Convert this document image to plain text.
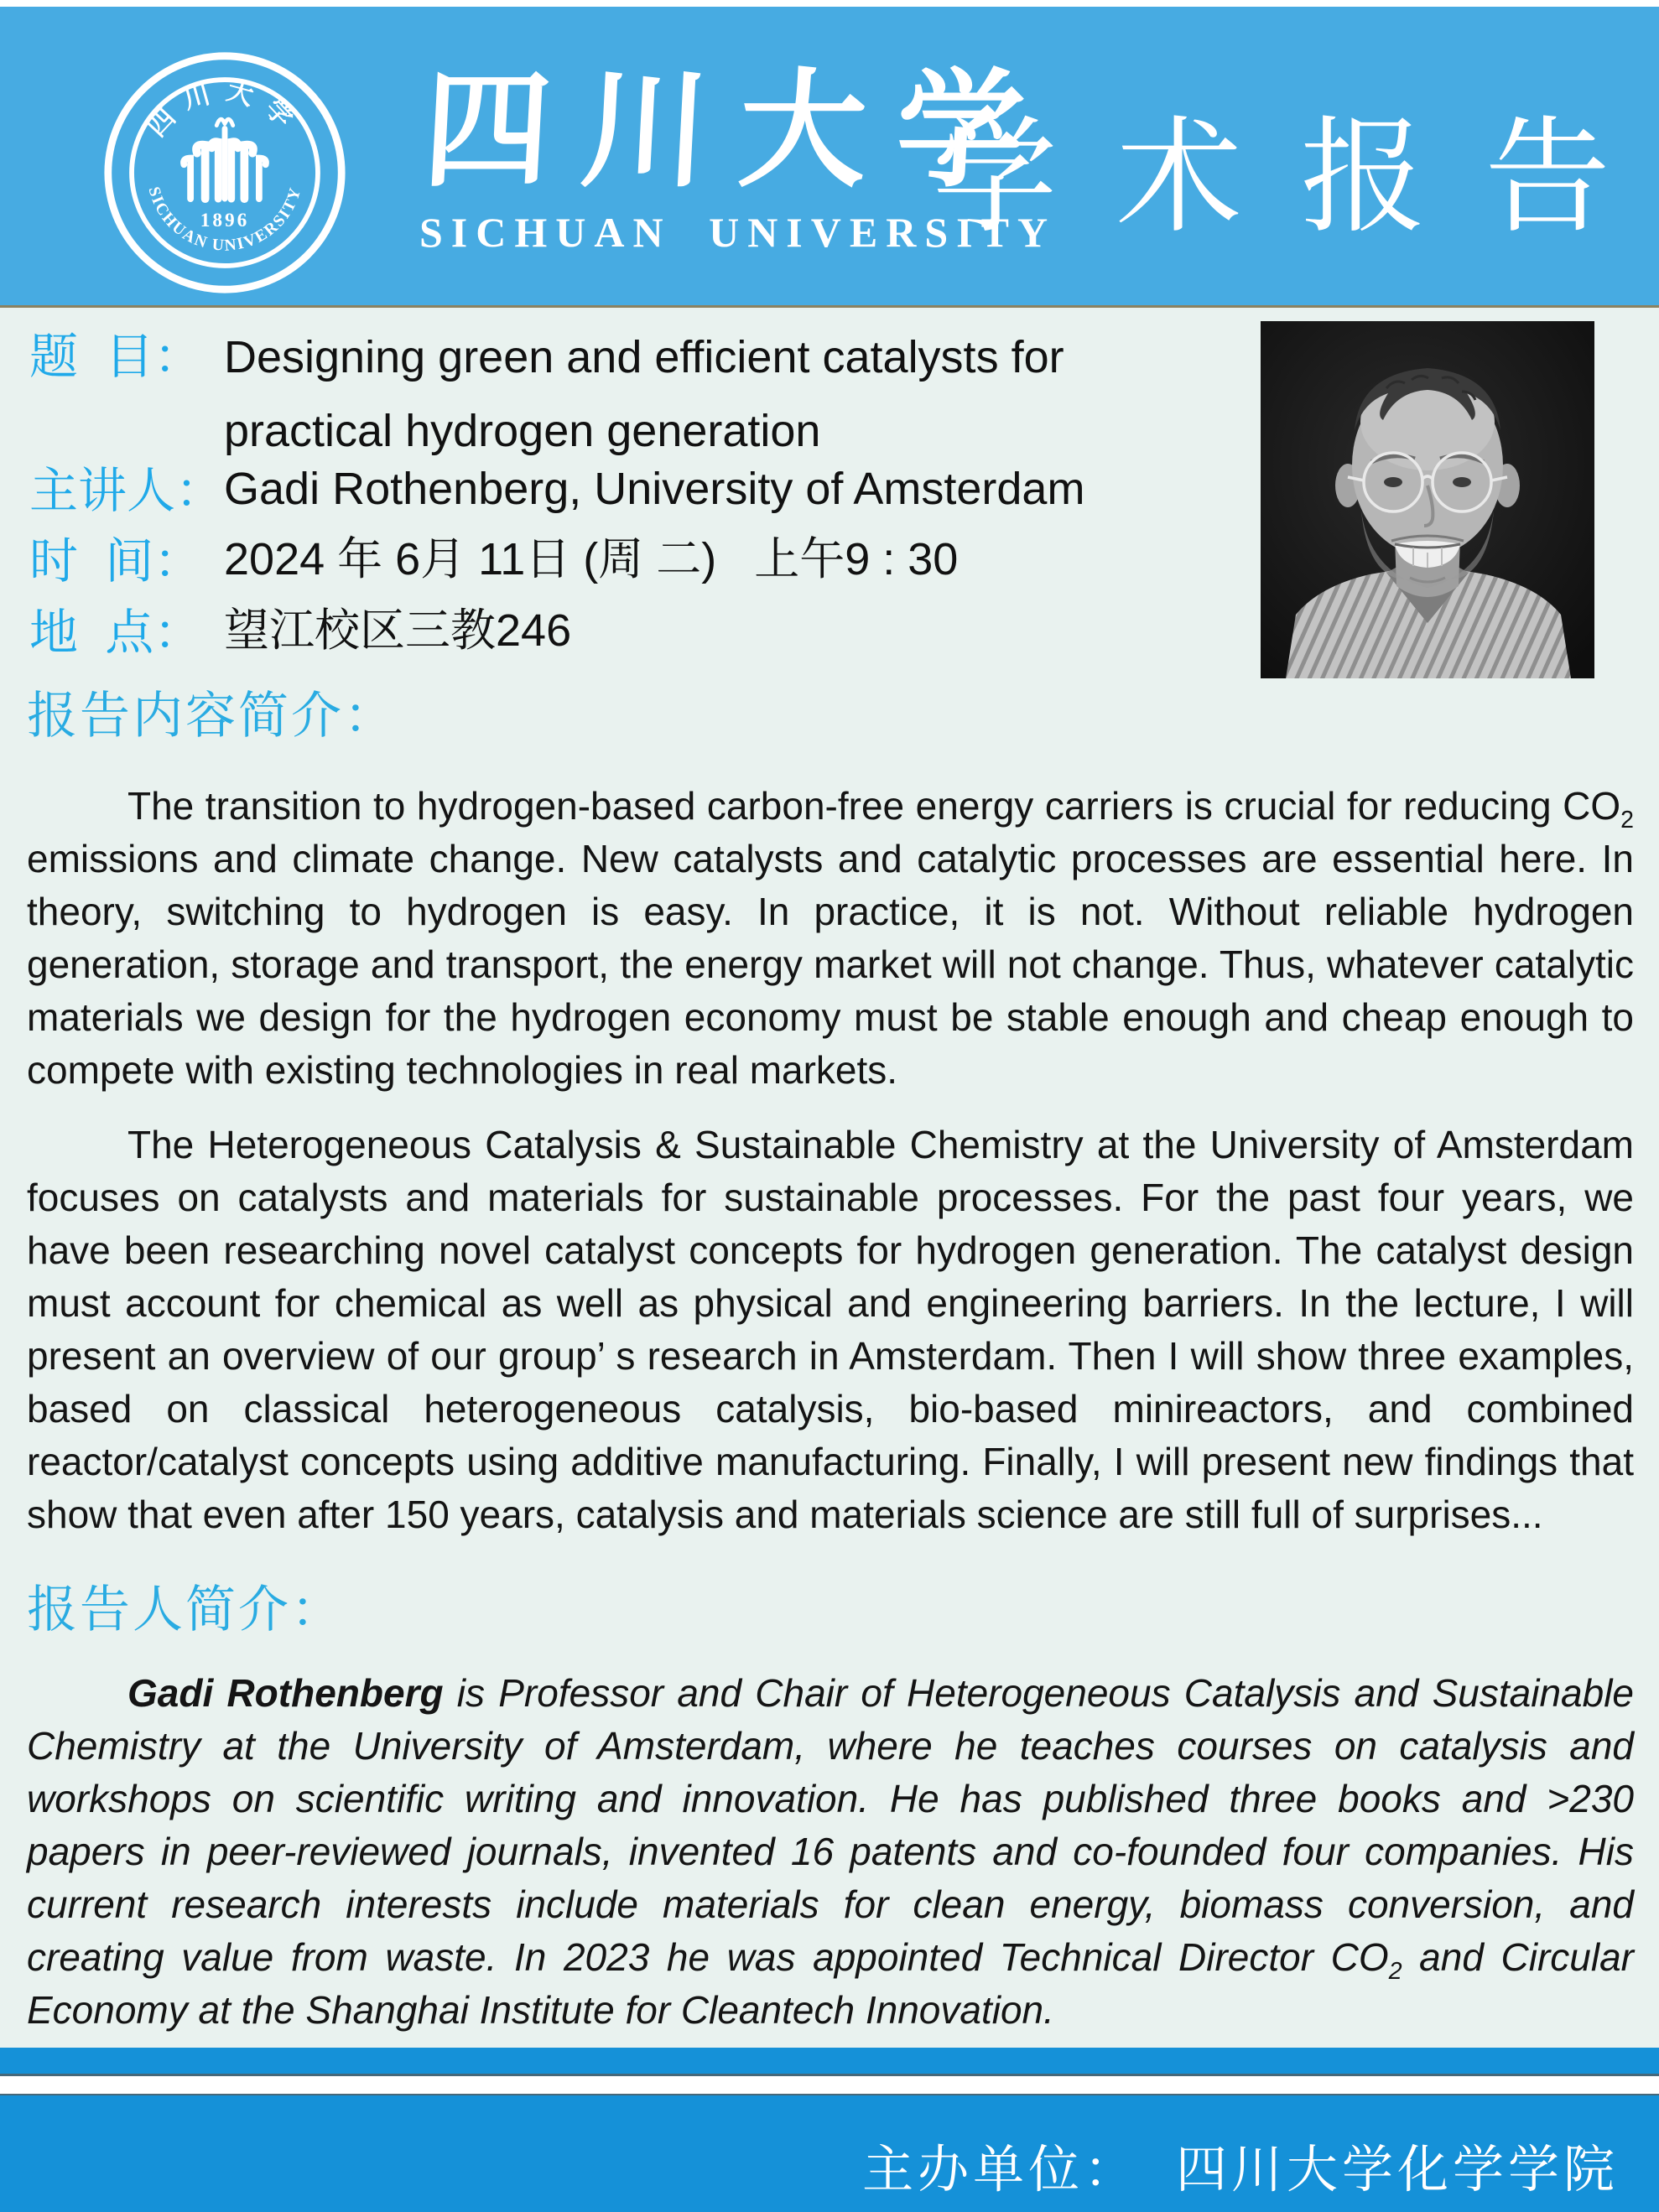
四川大学
SICHUAN UNIVERSITY
1896
四川大学
SICHUAN UNIVERSITY
学 术 报 告
题  目： Designing green and efficient catalysts for practical hydrogen generation
主讲人： Gadi Rothenberg, University of Amsterdam
时  间： 2024 年 6月 11日 (周 二)   上午9 : 30
地  点： 望江校区三教246
报告内容简介：

The transition to hydrogen-based carbon-free energy carriers is crucial for reducing $CO_2$ emissions and climate change. New catalysts and catalytic processes are essential here. In theory, switching to hydrogen is easy. In practice, it is not. Without reliable hydrogen generation, storage and transport, the energy market will not change. Thus, whatever catalytic materials we design for the hydrogen economy must be stable enough and cheap enough to compete with existing technologies in real markets.

The Heterogeneous Catalysis & Sustainable Chemistry at the University of Amsterdam focuses on catalysts and materials for sustainable processes. For the past four years, we have been researching novel catalyst concepts for hydrogen generation. The catalyst design must account for chemical as well as physical and engineering barriers. In the lecture, I will present an overview of our group’ s research in Amsterdam. Then I will show three examples, based on classical heterogeneous catalysis, bio-based minireactors, and combined reactor/catalyst concepts using additive manufacturing. Finally, I will present new findings that show that even after 150 years, catalysis and materials science are still full of surprises...

报告人简介：

Gadi Rothenberg is Professor and Chair of Heterogeneous Catalysis and Sustainable Chemistry at the University of Amsterdam, where he teaches courses on catalysis and workshops on scientific writing and innovation. He has published three books and >230 papers in peer-reviewed journals, invented 16 patents and co-founded four companies. His current research interests include materials for clean energy, biomass conversion, and creating value from waste. In 2023 he was appointed Technical Director $CO_2$ and Circular Economy at the Shanghai Institute for Cleantech Innovation.

主办单位：  四川大学化学学院
